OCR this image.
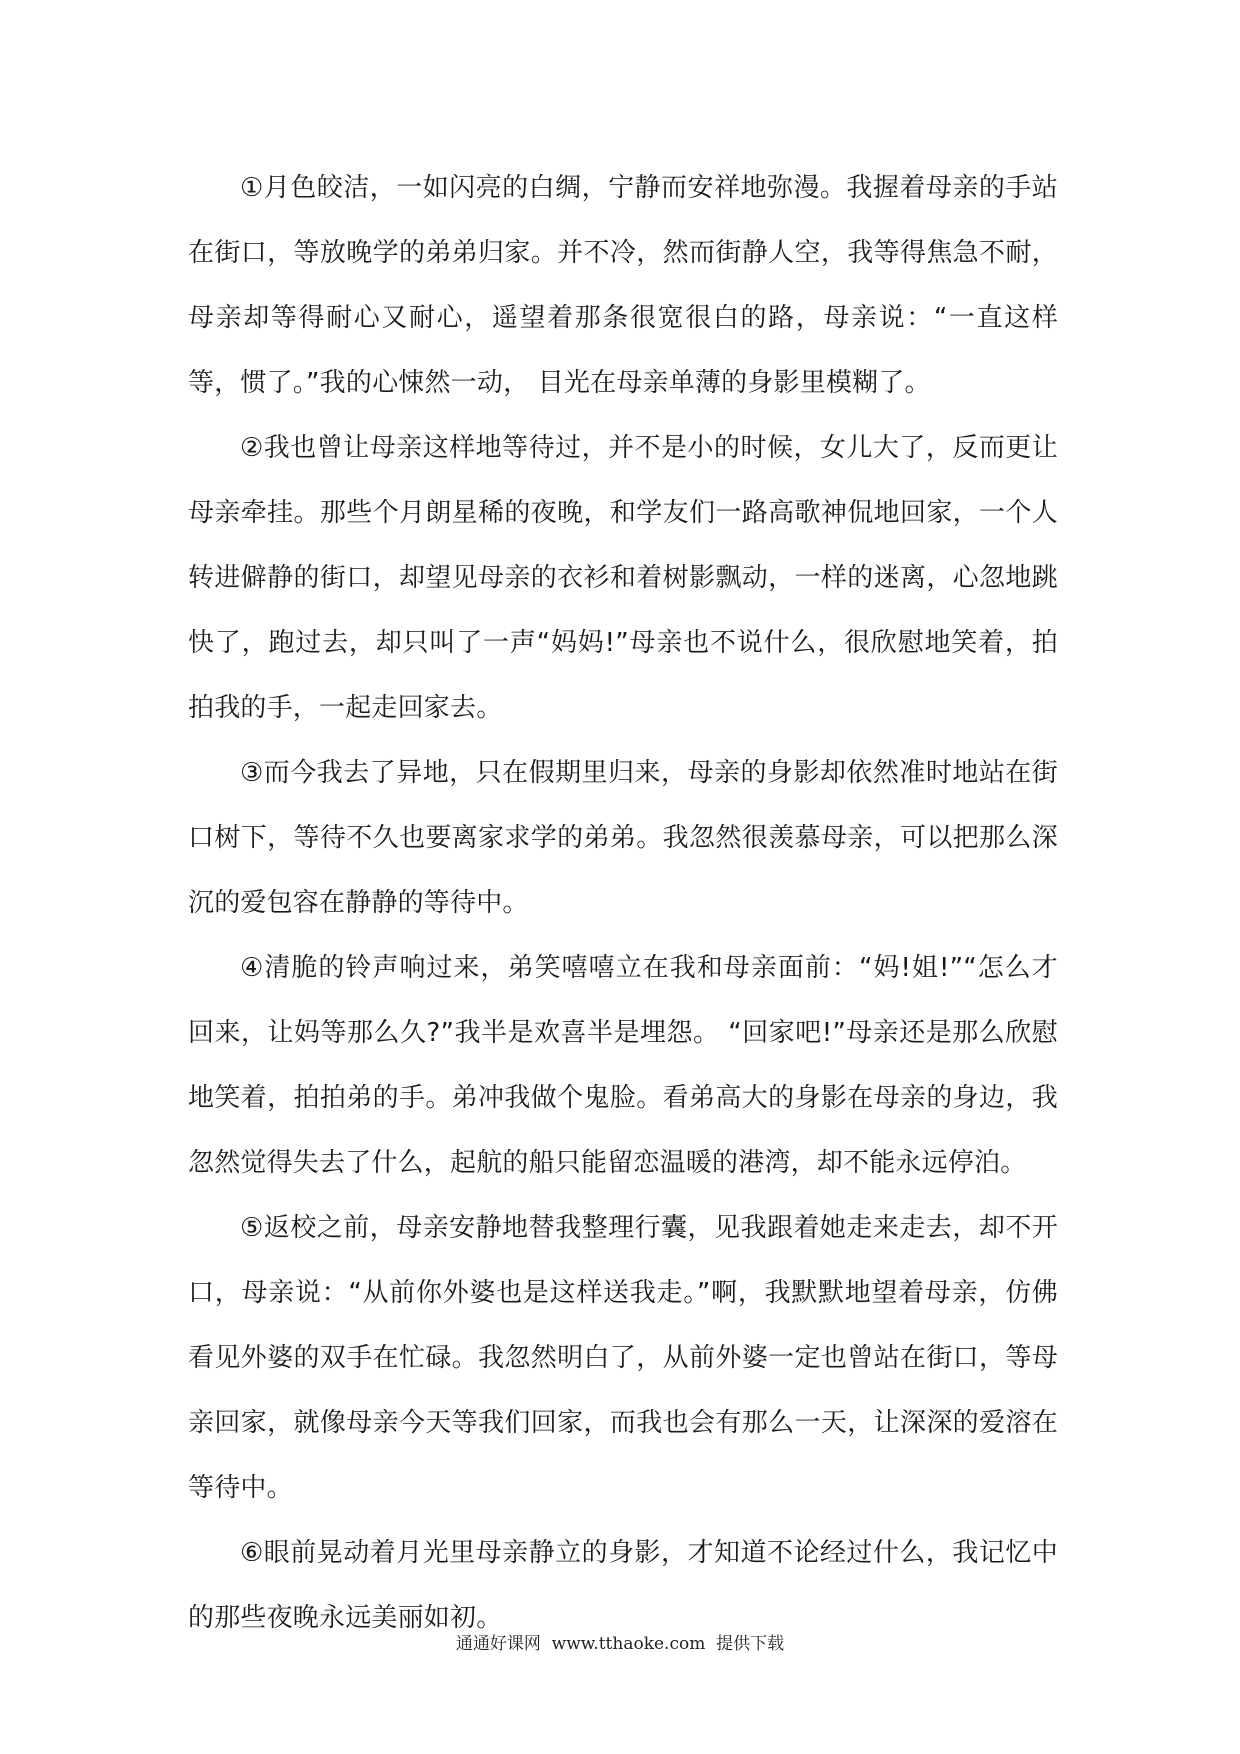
①月色皎洁，一如闪亮的白绸，宁静而安祥地弥漫。我握着母亲的手站在街口，等放晚学的弟弟归家。并不冷，然而街静人空，我等得焦急不耐，母亲却等得耐心又耐心，遥望着那条很宽很白的路，母亲说：“一直这样等，惯了。”我的心悚然一动， 目光在母亲单薄的身影里模糊了。

②我也曾让母亲这样地等待过，并不是小的时候，女儿大了，反而更让母亲牵挂。那些个月朗星稀的夜晚，和学友们一路高歌神侃地回家，一个人转进僻静的街口，却望见母亲的衣衫和着树影飘动，一样的迷离，心忽地跳快了，跑过去，却只叫了一声“妈妈!”母亲也不说什么，很欣慰地笑着，拍拍我的手，一起走回家去。

③而今我去了异地，只在假期里归来，母亲的身影却依然准时地站在街口树下，等待不久也要离家求学的弟弟。我忽然很羡慕母亲，可以把那么深沉的爱包容在静静的等待中。

④清脆的铃声响过来，弟笑嘻嘻立在我和母亲面前：“妈!姐!”“怎么才回来，让妈等那么久?”我半是欢喜半是埋怨。 “回家吧!”母亲还是那么欣慰地笑着，拍拍弟的手。弟冲我做个鬼脸。看弟高大的身影在母亲的身边，我忽然觉得失去了什么，起航的船只能留恋温暖的港湾，却不能永远停泊。

⑤返校之前，母亲安静地替我整理行囊，见我跟着她走来走去，却不开口，母亲说：“从前你外婆也是这样送我走。”啊，我默默地望着母亲，仿佛看见外婆的双手在忙碌。我忽然明白了，从前外婆一定也曾站在街口，等母亲回家，就像母亲今天等我们回家，而我也会有那么一天，让深深的爱溶在等待中。

⑥眼前晃动着月光里母亲静立的身影，才知道不论经过什么，我记忆中的那些夜晚永远美丽如初。

通通好课网  www.tthaoke.com  提供下载
